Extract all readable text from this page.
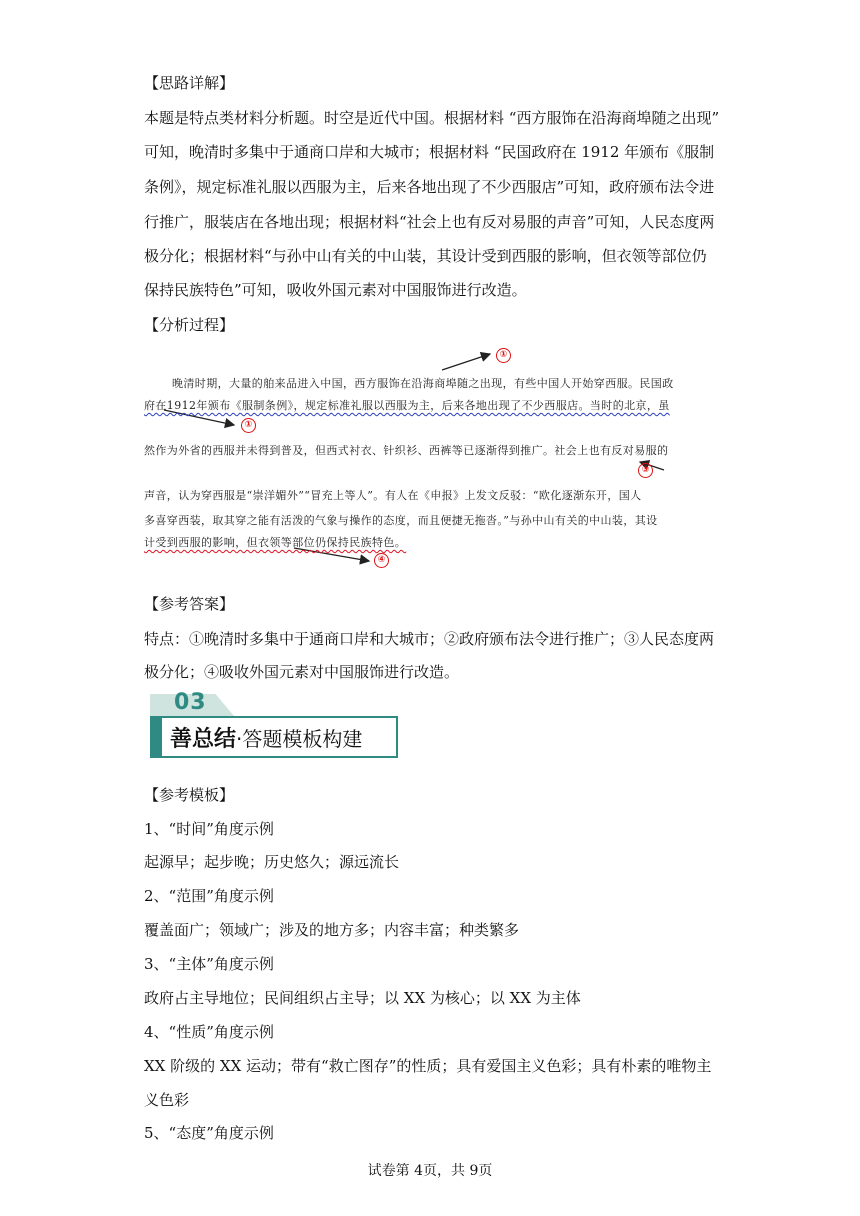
【思路详解】
本题是特点类材料分析题。时空是近代中国。根据材料 “西方服饰在沿海商埠随之出现”
可知，晚清时多集中于通商口岸和大城市；根据材料 “民国政府在 1912 年颁布《服制
条例》，规定标准礼服以西服为主，后来各地出现了不少西服店”可知，政府颁布法令进
行推广，服装店在各地出现；根据材料“社会上也有反对易服的声音”可知，人民态度两
极分化；根据材料“与孙中山有关的中山装，其设计受到西服的影响，但衣领等部位仍
保持民族特色”可知，吸收外国元素对中国服饰进行改造。
【分析过程】
①
①
③
④
晚清时期，大量的舶来品进入中国，西方服饰在沿海商埠随之出现，有些中国人开始穿西服。民国政
府在1912年颁布《服制条例》，规定标准礼服以西服为主，后来各地出现了不少西服店。当时的北京，虽
然作为外省的西服并未得到普及，但西式衬衣、针织衫、西裤等已逐渐得到推广。社会上也有反对易服的
声音，认为穿西服是“崇洋媚外”“冒充上等人”。有人在《申报》上发文反驳：“欧化逐渐东开，国人
多喜穿西装，取其穿之能有活泼的气象与操作的态度，而且便捷无拖沓。”与孙中山有关的中山装，其设
计受到西服的影响，但衣领等部位仍保持民族特色。
【参考答案】
特点：①晚清时多集中于通商口岸和大城市；②政府颁布法令进行推广；③人民态度两
极分化；④吸收外国元素对中国服饰进行改造。
03
善总结·答题模板构建
【参考模板】
1、“时间”角度示例
起源早；起步晚；历史悠久；源远流长
2、“范围”角度示例
覆盖面广；领域广；涉及的地方多；内容丰富；种类繁多
3、“主体”角度示例
政府占主导地位；民间组织占主导；以 XX 为核心；以 XX 为主体
4、“性质”角度示例
XX 阶级的 XX 运动；带有“救亡图存”的性质；具有爱国主义色彩；具有朴素的唯物主
义色彩
5、“态度”角度示例
试卷第 4页，共 9页
